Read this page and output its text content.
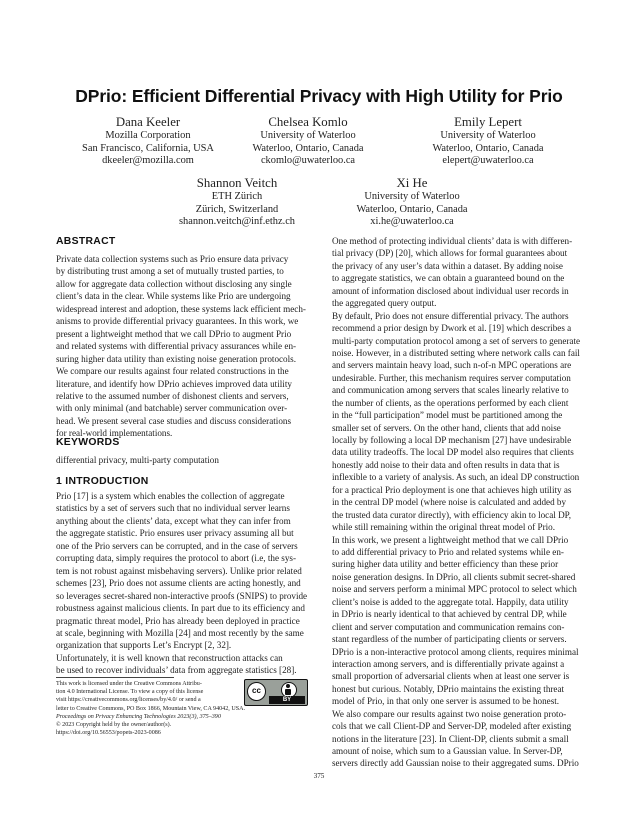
DPrio: Efficient Differential Privacy with High Utility for Prio
Dana Keeler
Mozilla Corporation
San Francisco, California, USA
dkeeler@mozilla.com
Chelsea Komlo
University of Waterloo
Waterloo, Ontario, Canada
ckomlo@uwaterloo.ca
Emily Lepert
University of Waterloo
Waterloo, Ontario, Canada
elepert@uwaterloo.ca
Shannon Veitch
ETH Zürich
Zürich, Switzerland
shannon.veitch@inf.ethz.ch
Xi He
University of Waterloo
Waterloo, Ontario, Canada
xi.he@uwaterloo.ca
ABSTRACT
Private data collection systems such as Prio ensure data privacy
by distributing trust among a set of mutually trusted parties, to
allow for aggregate data collection without disclosing any single
client’s data in the clear. While systems like Prio are undergoing
widespread interest and adoption, these systems lack efficient mech-
anisms to provide differential privacy guarantees. In this work, we
present a lightweight method that we call DPrio to augment Prio
and related systems with differential privacy assurances while en-
suring higher data utility than existing noise generation protocols.
We compare our results against four related constructions in the
literature, and identify how DPrio achieves improved data utility
relative to the assumed number of dishonest clients and servers,
with only minimal (and batchable) server communication over-
head. We present several case studies and discuss considerations
for real-world implementations.
KEYWORDS
differential privacy, multi-party computation
1 INTRODUCTION
Prio [17] is a system which enables the collection of aggregate
statistics by a set of servers such that no individual server learns
anything about the clients’ data, except what they can infer from
the aggregate statistic. Prio ensures user privacy assuming all but
one of the Prio servers can be corrupted, and in the case of servers
corrupting data, simply requires the protocol to abort (i.e, the sys-
tem is not robust against misbehaving servers). Unlike prior related
schemes [23], Prio does not assume clients are acting honestly, and
so leverages secret-shared non-interactive proofs (SNIPS) to provide
robustness against malicious clients. In part due to its efficiency and
pragmatic threat model, Prio has already been deployed in practice
at scale, beginning with Mozilla [24] and most recently by the same
organization that supports Let’s Encrypt [2, 32].
Unfortunately, it is well known that reconstruction attacks can
be used to recover individuals’ data from aggregate statistics [28].
This work is licensed under the Creative Commons Attribu-
tion 4.0 International License. To view a copy of this license
visit https://creativecommons.org/licenses/by/4.0/ or send a
letter to Creative Commons, PO Box 1866, Mountain View, CA 94042, USA.
Proceedings on Privacy Enhancing Technologies 2023(3), 375–390
© 2023 Copyright held by the owner/author(s).
https://doi.org/10.56553/popets-2023-0086
One method of protecting individual clients’ data is with differen-
tial privacy (DP) [20], which allows for formal guarantees about
the privacy of any user’s data within a dataset. By adding noise
to aggregate statistics, we can obtain a guaranteed bound on the
amount of information disclosed about individual user records in
the aggregated query output.
By default, Prio does not ensure differential privacy. The authors
recommend a prior design by Dwork et al. [19] which describes a
multi-party computation protocol among a set of servers to generate
noise. However, in a distributed setting where network calls can fail
and servers maintain heavy load, such n-of-n MPC operations are
undesirable. Further, this mechanism requires server computation
and communication among servers that scales linearly relative to
the number of clients, as the operations performed by each client
in the “full participation” model must be partitioned among the
smaller set of servers. On the other hand, clients that add noise
locally by following a local DP mechanism [27] have undesirable
data utility tradeoffs. The local DP model also requires that clients
honestly add noise to their data and often results in data that is
inflexible to a variety of analysis. As such, an ideal DP construction
for a practical Prio deployment is one that achieves high utility as
in the central DP model (where noise is calculated and added by
the trusted data curator directly), with efficiency akin to local DP,
while still remaining within the original threat model of Prio.
In this work, we present a lightweight method that we call DPrio
to add differential privacy to Prio and related systems while en-
suring higher data utility and better efficiency than these prior
noise generation designs. In DPrio, all clients submit secret-shared
noise and servers perform a minimal MPC protocol to select which
client’s noise is added to the aggregate total. Happily, data utility
in DPrio is nearly identical to that achieved by central DP, while
client and server computation and communication remains con-
stant regardless of the number of participating clients or servers.
DPrio is a non-interactive protocol among clients, requires minimal
interaction among servers, and is differentially private against a
small proportion of adversarial clients when at least one server is
honest but curious. Notably, DPrio maintains the existing threat
model of Prio, in that only one server is assumed to be honest.
We also compare our results against two noise generation proto-
cols that we call Client-DP and Server-DP, modeled after existing
notions in the literature [23]. In Client-DP, clients submit a small
amount of noise, which sum to a Gaussian value. In Server-DP,
servers directly add Gaussian noise to their aggregated sums. DPrio
cc
BY
375
